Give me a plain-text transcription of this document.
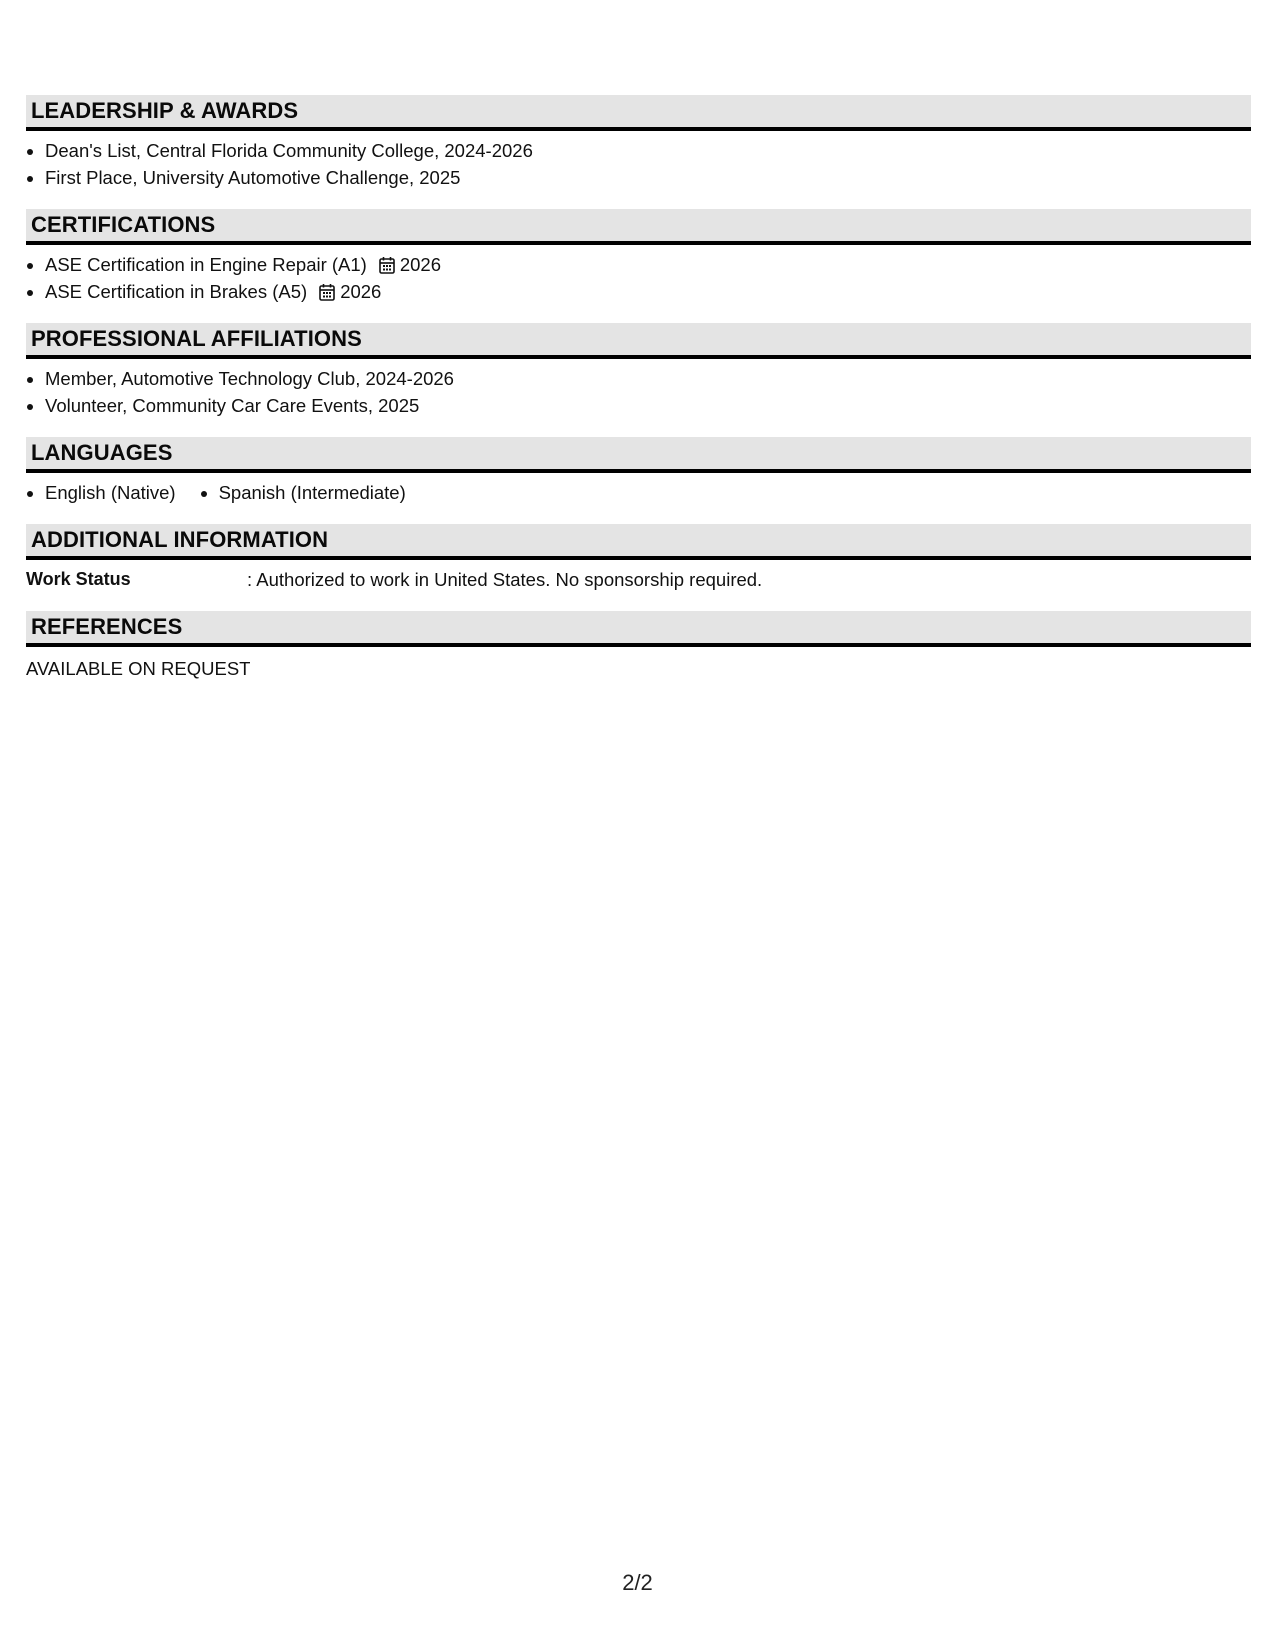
LEADERSHIP & AWARDS
Dean's List, Central Florida Community College, 2024-2026
First Place, University Automotive Challenge, 2025
CERTIFICATIONS
ASE Certification in Engine Repair (A1) 2026
ASE Certification in Brakes (A5) 2026
PROFESSIONAL AFFILIATIONS
Member, Automotive Technology Club, 2024-2026
Volunteer, Community Car Care Events, 2025
LANGUAGES
English (Native)	Spanish (Intermediate)
ADDITIONAL INFORMATION
Work Status	: Authorized to work in United States. No sponsorship required.
REFERENCES
AVAILABLE ON REQUEST
2/2
